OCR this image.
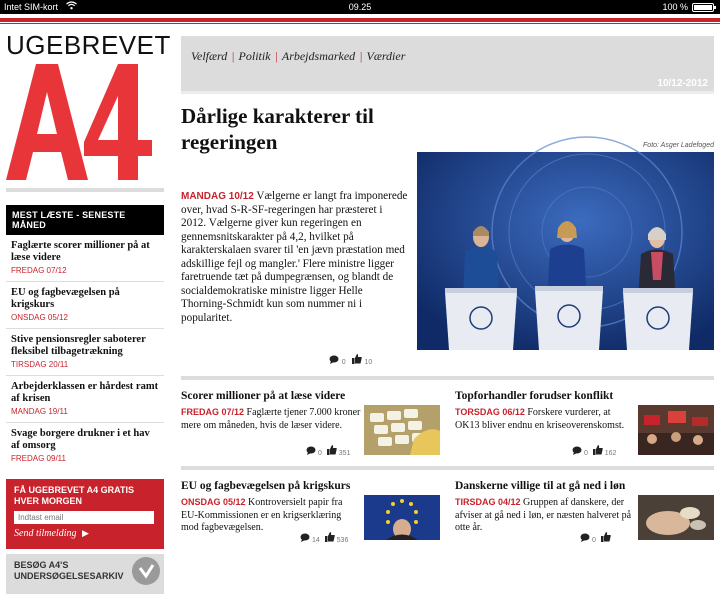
Intet SIM-kort	09.25	100 %
UGEBREVET
MEST LÆSTE - SENESTE MÅNED
Faglærte scorer millioner på at læse videre
FREDAG 07/12
EU og fagbevægelsen på krigskurs
ONSDAG 05/12
Stive pensionsregler saboterer fleksibel tilbagetrækning
TIRSDAG 20/11
Arbejderklassen er hårdest ramt af krisen
MANDAG 19/11
Svage borgere drukner i et hav af omsorg
FREDAG 09/11
FÅ UGEBREVET A4 GRATIS HVER MORGEN
Indtast email
Send tilmelding ▶
BESØG A4'S UNDERSØGELSESARKIV
Velfærd | Politik | Arbejdsmarked | Værdier
10/12-2012
Dårlige karakterer til regeringen
MANDAG 10/12 Vælgerne er langt fra imponerede over, hvad S-R-SF-regeringen har præsteret i 2012. Vælgerne giver kun regeringen en gennemsnitskarakter på 4,2, hvilket på karakterskalaen svarer til 'en jævn præstation med adskillige fejl og mangler.' Flere ministre ligger faretruende tæt på dumpegrænsen, og blandt de socialdemokratiske ministre ligger Helle Thorning-Schmidt kun som nummer ni i popularitet.
0	10
Foto: Asger Ladefoged
Scorer millioner på at læse videre
FREDAG 07/12 Faglærte tjener 7.000 kroner mere om måneden, hvis de læser videre.
0 351
Topforhandler forudser konflikt
TORSDAG 06/12 Forskere vurderer, at OK13 bliver endnu en kriseoverenskomst.
0 162
EU og fagbevægelsen på krigskurs
ONSDAG 05/12 Kontroversielt papir fra EU-Kommissionen er en krigserklæring mod fagbevægelsen.
14 536
Danskerne villige til at gå ned i løn
TIRSDAG 04/12 Gruppen af danskere, der afviser at gå ned i løn, er næsten halveret på otte år.
0
